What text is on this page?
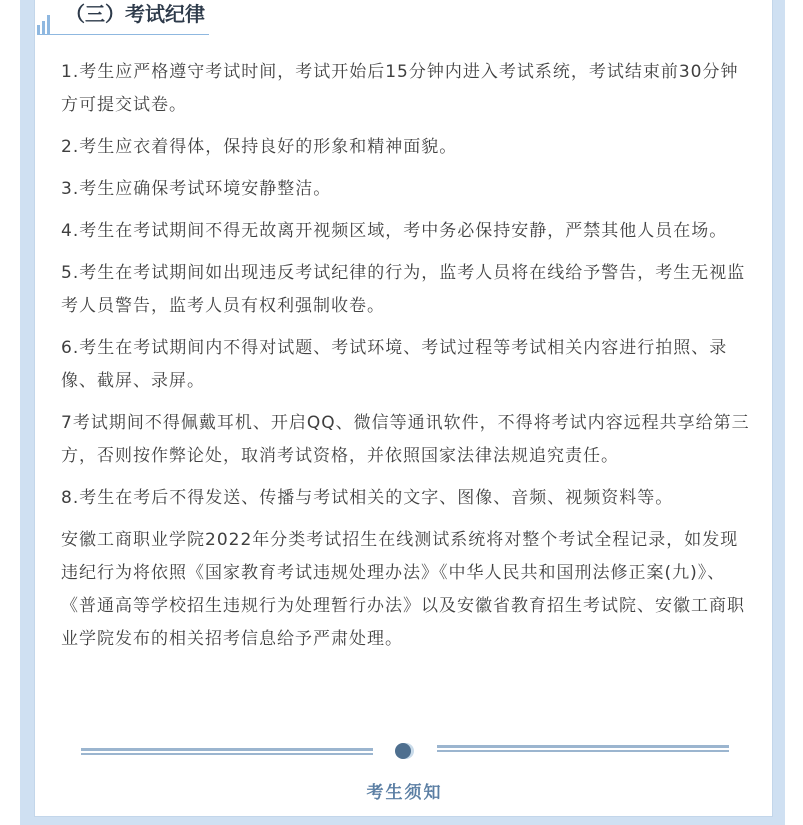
（三）考试纪律

1.考生应严格遵守考试时间，考试开始后15分钟内进入考试系统，考试结束前30分钟方可提交试卷。

2.考生应衣着得体，保持良好的形象和精神面貌。

3.考生应确保考试环境安静整洁。

4.考生在考试期间不得无故离开视频区域，考中务必保持安静，严禁其他人员在场。

5.考生在考试期间如出现违反考试纪律的行为，监考人员将在线给予警告，考生无视监考人员警告，监考人员有权利强制收卷。

6.考生在考试期间内不得对试题、考试环境、考试过程等考试相关内容进行拍照、录像、截屏、录屏。

7考试期间不得佩戴耳机、开启QQ、微信等通讯软件，不得将考试内容远程共享给第三方，否则按作弊论处，取消考试资格，并依照国家法律法规追究责任。

8.考生在考后不得发送、传播与考试相关的文字、图像、音频、视频资料等。

安徽工商职业学院2022年分类考试招生在线测试系统将对整个考试全程记录，如发现违纪行为将依照《国家教育考试违规处理办法》《中华人民共和国刑法修正案(九)》、《普通高等学校招生违规行为处理暂行办法》以及安徽省教育招生考试院、安徽工商职业学院发布的相关招考信息给予严肃处理。

考生须知
